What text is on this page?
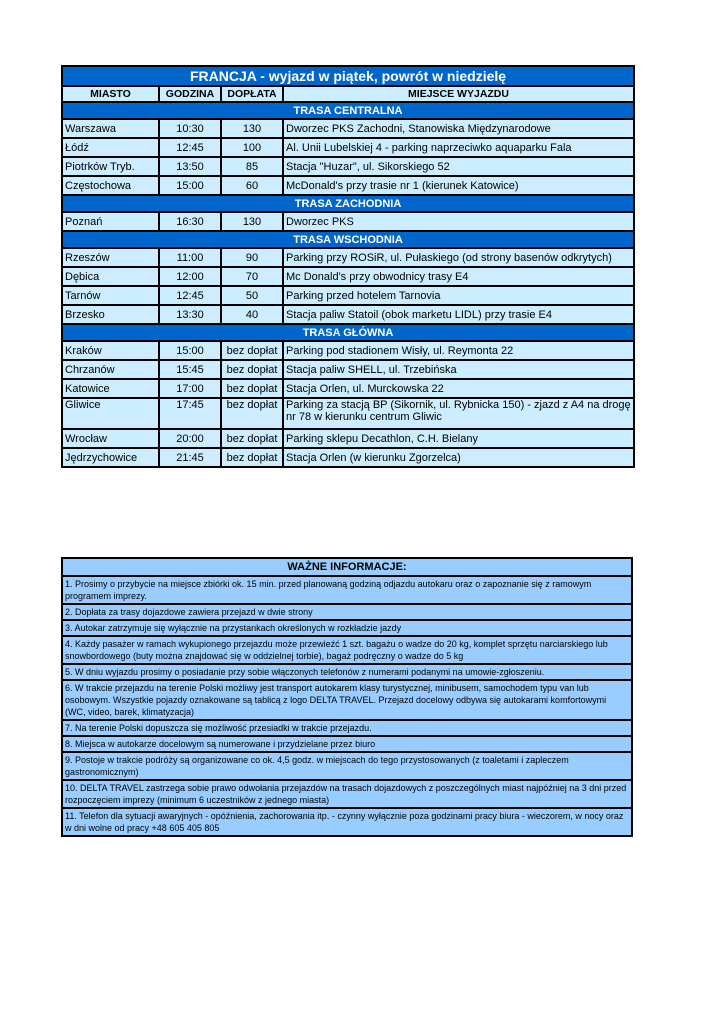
FRANCJA - wyjazd w piątek, powrót w niedzielę			
MIASTO	GODZINA	DOPŁATA	MIEJSCE WYJAZDU
TRASA CENTRALNA			
Warszawa	10:30	130	Dworzec PKS Zachodni, Stanowiska Międzynarodowe
Łódź	12:45	100	Al. Unii Lubelskiej 4 - parking naprzeciwko aquaparku Fala
Piotrków Tryb.	13:50	85	Stacja "Huzar", ul. Sikorskiego 52
Częstochowa	15:00	60	McDonald's przy trasie nr 1 (kierunek Katowice)
TRASA ZACHODNIA			
Poznań	16:30	130	Dworzec PKS
TRASA WSCHODNIA			
Rzeszów	11:00	90	Parking przy ROSiR, ul. Pułaskiego (od strony basenów odkrytych)
Dębica	12:00	70	Mc Donald's przy obwodnicy trasy E4
Tarnów	12:45	50	Parking przed hotelem Tarnovia
Brzesko	13:30	40	Stacja paliw Statoil (obok marketu LIDL) przy trasie E4
TRASA GŁÓWNA			
Kraków	15:00	bez dopłat	Parking pod stadionem Wisły, ul. Reymonta 22
Chrzanów	15:45	bez dopłat	Stacja paliw SHELL, ul. Trzebińska
Katowice	17:00	bez dopłat	Stacja Orlen, ul. Murckowska 22
Gliwice	17:45	bez dopłat	Parking za stacją BP (Sikornik, ul. Rybnicka 150) - zjazd z A4 na drogę nr 78 w kierunku centrum Gliwic
Wrocław	20:00	bez dopłat	Parking sklepu Decathlon, C.H. Bielany
Jędrzychowice	21:45	bez dopłat	Stacja Orlen (w kierunku Zgorzelca)
WAŻNE INFORMACJE:
1. Prosimy o przybycie na miejsce zbiórki ok. 15 min. przed planowaną godziną odjazdu autokaru oraz o zapoznanie się z ramowym programem imprezy.
2. Dopłata za trasy dojazdowe zawiera przejazd w dwie strony
3. Autokar zatrzymuje się wyłącznie na przystankach określonych w rozkładzie jazdy
4. Każdy pasażer w ramach wykupionego przejazdu może przewieźć 1 szt. bagażu o wadze do 20 kg, komplet sprzętu narciarskiego lub snowbordowego (buty można znajdować się w oddzielnej torbie), bagaż podręczny o wadze do 5 kg
5. W dniu wyjazdu prosimy o posiadanie przy sobie włączonych telefonów z numerami podanymi na umowie-zgłoszeniu.
6. W trakcie przejazdu na terenie Polski możliwy jest transport autokarem klasy turystycznej, minibusem, samochodem typu van lub osobowym. Wszystkie pojazdy oznakowane są tablicą z logo DELTA TRAVEL. Przejazd docelowy odbywa się autokarami komfortowymi (WC, video, barek, klimatyzacja)
7. Na terenie Polski dopuszcza się możliwość przesiadki w trakcie przejazdu.
8. Miejsca w autokarze docelowym są numerowane i przydzielane przez biuro
9. Postoje w trakcie podróży są organizowane co ok. 4,5 godz. w miejscach do tego przystosowanych (z toaletami i zapleczem gastronomicznym)
10. DELTA TRAVEL zastrzega sobie prawo odwołania przejazdów na trasach dojazdowych z poszczególnych miast najpóźniej na 3 dni przed rozpoczęciem imprezy (minimum 6 uczestników z jednego miasta)
11. Telefon dla sytuacji awaryjnych - opóźnienia, zachorowania itp. - czynny wyłącznie poza godzinami pracy biura - wieczorem, w nocy oraz w dni wolne od pracy +48 605 405 805
